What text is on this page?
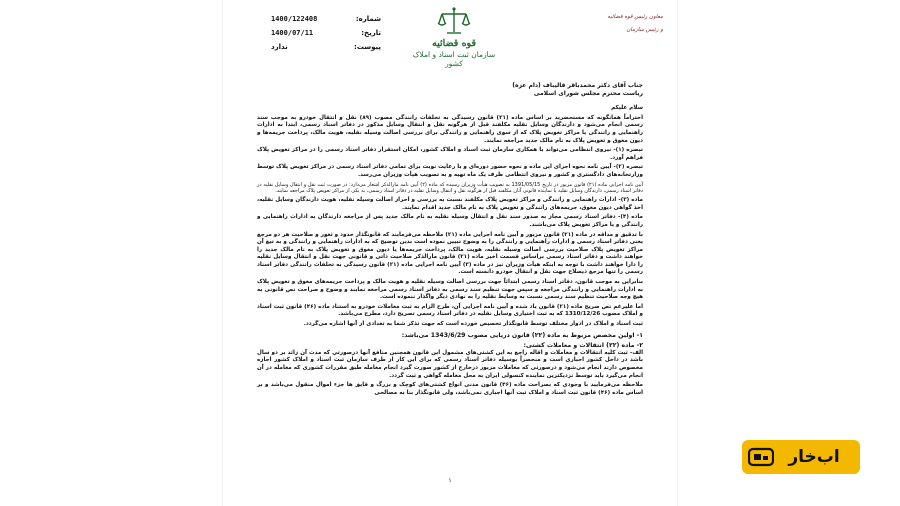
شماره:
1400/122408
تاریخ:
1400/07/11
پیوست:
ندارد	قوه قضائیه
سازمان ثبت اسناد و املاک کشور
معاون رئیس قوه قضائیه
و رئیس سازمان
جناب آقای دکتر محمدباقر قالیباف (دام عزه)
ریاست محترم مجلس شورای اسلامی
سلام علیکم
احتراماً همانگونه که مستحضرید بر اساس ماده (۲۱) قانون رسیدگی به تخلفات رانندگی مصوب (۸۹) نقل و انتقال خودرو به موجب سند رسمی انجام می‌شود و دارندگان وسایل نقلیه مکلفند قبل از هرگونه نقل و انتقال وسایل مذکور در دفاتر اسناد رسمی، ابتدا به ادارات راهنمایی و رانندگی یا مراکز تعویض پلاک که از سوی راهنمایی و رانندگی برای بررسی اصالت وسیله نقلیه، هویت مالک، پرداخت جریمه‌ها و دیون معوق و تعویض پلاک به نام مالک جدید مراجعه نمایند.
تبصره (۱)- نیروی انتظامی می‌تواند با همکاری سازمان ثبت اسناد و املاک کشور، امکان استقرار دفاتر اسناد رسمی را در مراکز تعویض پلاک فراهم آورد.
تبصره (۲)- آیین نامه نحوه اجرای این ماده و نحوه حضور دوره‌ای و با رعایت نوبت برای تمامی دفاتر اسناد رسمی در مراکز تعویض پلاک توسط وزارتخانه‌های دادگستری و کشور و نیروی انتظامی ظرف یک ماه تهیه و به تصویب هیأت وزیران می‌رسد.
آیین نامه اجرایی ماده (۲۱) قانون مزبور در تاریخ 1391/05/15 به تصویب هیأت وزیران رسیده که ماده (۲) آیین نامه مارالذکر اشعار می‌دارد: در صورت ثبت نقل و انتقال وسایل نقلیه در دفاتر اسناد رسمی، دارندگان وسایل نقلیه یا نماینده قانونی آنان مکلفند قبل از هرگونه نقل و انتقال وسایل نقلیه در دفاتر اسناد رسمی، به یکی از مراکز تعویض پلاک مراجعه نمایند.
ماده (۳)- ادارات راهنمایی و رانندگی و مراکز تعویض پلاک مکلفند نسبت به بررسی و احراز اصالت وسیله نقلیه، هویت دارندگان وسایل نقلیه، اخذ گواهی دیون معوق، جریمه‌های رانندگی و تعویض پلاک به نام مالک جدید اقدام نمایند.
ماده (۴)- دفاتر اسناد رسمی مجاز به صدور سند نقل و انتقال وسیله نقلیه به نام مالک جدید پس از مراجعه دارندگان به ادارات راهنمایی و رانندگی و یا مراکز تعویض پلاک می‌باشند.
با تدقیق و مداقه در ماده (۲۱) قانون مزبور و آیین نامه اجرایی ماده (۲۱) ملاحظه می‌فرمایند که قانونگذار حدود و ثغور و صلاحیت هر دو مرجع یعنی دفاتر اسناد رسمی و ادارات راهنمایی و رانندگی را به وضوح تبیین نموده است بدین توضیح که به ادارات راهنمایی و رانندگی و به تبع آن مراکز تعویض پلاک صلاحیت بررسی اصالت وسیله نقلیه، هویت مالک، پرداخت جریمه‌ها یا دیون معوق و تعویض پلاک به نام مالک جدید را خواهند داشت و دفاتر اسناد رسمی براساس قسمت اخیر ماده (۲۱) قانون مارالذکر صلاحیت ذاتی و قانونی جهت نقل و انتقال وسایل نقلیه را دارا خواهند داشت با توجه به اینکه هیأت وزیران نیز در ماده (۳) آیین نامه اجرایی ماده (۲۱) قانون رسیدگی به تخلفات رانندگی دفاتر اسناد رسمی را تنها مرجع ذیصلاح جهت نقل و انتقال خودرو دانسته است.
بنابراین به موجب قانون، دفاتر اسناد رسمی ابتدائاً جهت بررسی اصالت وسیله نقلیه و هویت مالک و پرداخت جریمه‌های معوق و تعویض پلاک به ادارات راهنمایی و رانندگی مراجعه و سپس جهت تنظیم سند رسمی به دفاتر اسناد رسمی مراجعه نمایند و وضوح و صراحت نص قانونی به هیچ وجه صلاحیت تنظیم سند رسمی نسبت به وسایط نقلیه را به نهادی دیگر واگذار ننموده است.
اما علیرغم نص صریح ماده (۲۱) قانون یاد شده و آیین نامه اجرایی آن، طرح الزام به ثبت معاملات خودرو به استناد ماده (۴۶) قانون ثبت اسناد و املاک مصوب 1310/12/26 که به ثبت اختیاری وسایل نقلیه در دفاتر اسناد رسمی تصریح دارد، مطرح می‌باشد.
ثبت اسناد و املاک در ادوار مختلف توسط قانونگذار تخصیص خورده است که جهت تذکر شما به تعدادی از آنها اشاره می‌گردد.
۱- اولین مخصص مربوط به ماده (۲۲) قانون دریایی مصوب 1343/6/29 می‌باشد:
۲- ماده (۲۲) انتقالات و معاملات کشتی:
الف- ثبت کلیه انتقالات و معاملات و اقاله راجع به این کشتی‌های مشمول این قانون همچنین منافع آنها درصورتی که مدت آن زائد بر دو سال باشد در داخل کشور اجباری است و منحصراً بوسیله دفاتر اسناد رسمی که برای این کار از طرف سازمان ثبت اسناد و املاک کشور اجازه مخصوص دارند انجام می‌شود و درصورتی که معاملات مزبور درخارج از کشور صورت گیرد انجام معامله طبق مقررات کشوری که معامله در آن انجام می‌گیرد باید توسط نزدیکترین نماینده کنسولی ایران به محل معامله گواهی و ثبت گردد.
ملاحظه می‌فرمایید با وجودی که بصراحت ماده (۴۶) قانون مدنی انواع کشتی‌های کوچک و بزرگ و قایق ها جزء اموال منقول می‌باشد و بر اساس ماده (۴۶) قانون ثبت اسناد و املاک ثبت آنها اجباری نمی‌باشد، ولی قانونگذار بنا به مصالحی
۱
اب‌خار
